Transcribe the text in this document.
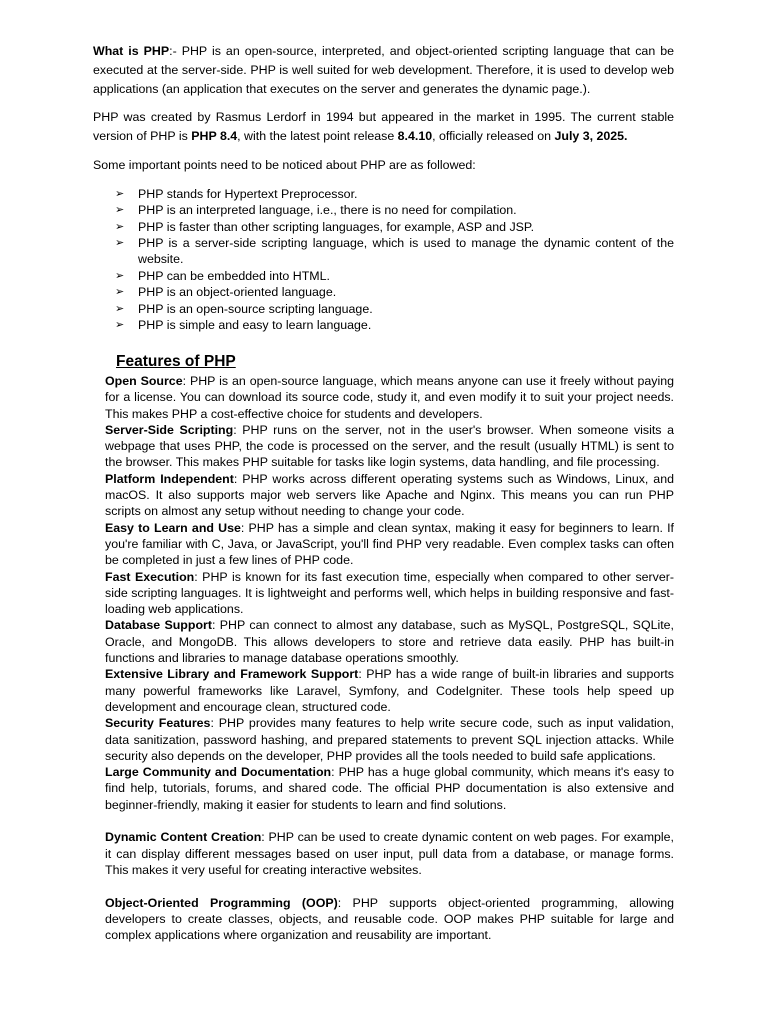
What is PHP:- PHP is an open-source, interpreted, and object-oriented scripting language that can be executed at the server-side. PHP is well suited for web development. Therefore, it is used to develop web applications (an application that executes on the server and generates the dynamic page.).

PHP was created by Rasmus Lerdorf in 1994 but appeared in the market in 1995. The current stable version of PHP is PHP 8.4, with the latest point release 8.4.10, officially released on July 3, 2025.

Some important points need to be noticed about PHP are as followed:

➢ PHP stands for Hypertext Preprocessor.
➢ PHP is an interpreted language, i.e., there is no need for compilation.
➢ PHP is faster than other scripting languages, for example, ASP and JSP.
➢ PHP is a server-side scripting language, which is used to manage the dynamic content of the website.
➢ PHP can be embedded into HTML.
➢ PHP is an object-oriented language.
➢ PHP is an open-source scripting language.
➢ PHP is simple and easy to learn language.
Features of PHP

Open Source: PHP is an open-source language, which means anyone can use it freely without paying for a license. You can download its source code, study it, and even modify it to suit your project needs. This makes PHP a cost-effective choice for students and developers.

Server-Side Scripting: PHP runs on the server, not in the user's browser. When someone visits a webpage that uses PHP, the code is processed on the server, and the result (usually HTML) is sent to the browser. This makes PHP suitable for tasks like login systems, data handling, and file processing.

Platform Independent: PHP works across different operating systems such as Windows, Linux, and macOS. It also supports major web servers like Apache and Nginx. This means you can run PHP scripts on almost any setup without needing to change your code.

Easy to Learn and Use: PHP has a simple and clean syntax, making it easy for beginners to learn. If you're familiar with C, Java, or JavaScript, you'll find PHP very readable. Even complex tasks can often be completed in just a few lines of PHP code.

Fast Execution: PHP is known for its fast execution time, especially when compared to other server-side scripting languages. It is lightweight and performs well, which helps in building responsive and fast-loading web applications.

Database Support: PHP can connect to almost any database, such as MySQL, PostgreSQL, SQLite, Oracle, and MongoDB. This allows developers to store and retrieve data easily. PHP has built-in functions and libraries to manage database operations smoothly.

Extensive Library and Framework Support: PHP has a wide range of built-in libraries and supports many powerful frameworks like Laravel, Symfony, and CodeIgniter. These tools help speed up development and encourage clean, structured code.

Security Features: PHP provides many features to help write secure code, such as input validation, data sanitization, password hashing, and prepared statements to prevent SQL injection attacks. While security also depends on the developer, PHP provides all the tools needed to build safe applications.

Large Community and Documentation: PHP has a huge global community, which means it's easy to find help, tutorials, forums, and shared code. The official PHP documentation is also extensive and beginner-friendly, making it easier for students to learn and find solutions.

Dynamic Content Creation: PHP can be used to create dynamic content on web pages. For example, it can display different messages based on user input, pull data from a database, or manage forms. This makes it very useful for creating interactive websites.

Object-Oriented Programming (OOP): PHP supports object-oriented programming, allowing developers to create classes, objects, and reusable code. OOP makes PHP suitable for large and complex applications where organization and reusability are important.
